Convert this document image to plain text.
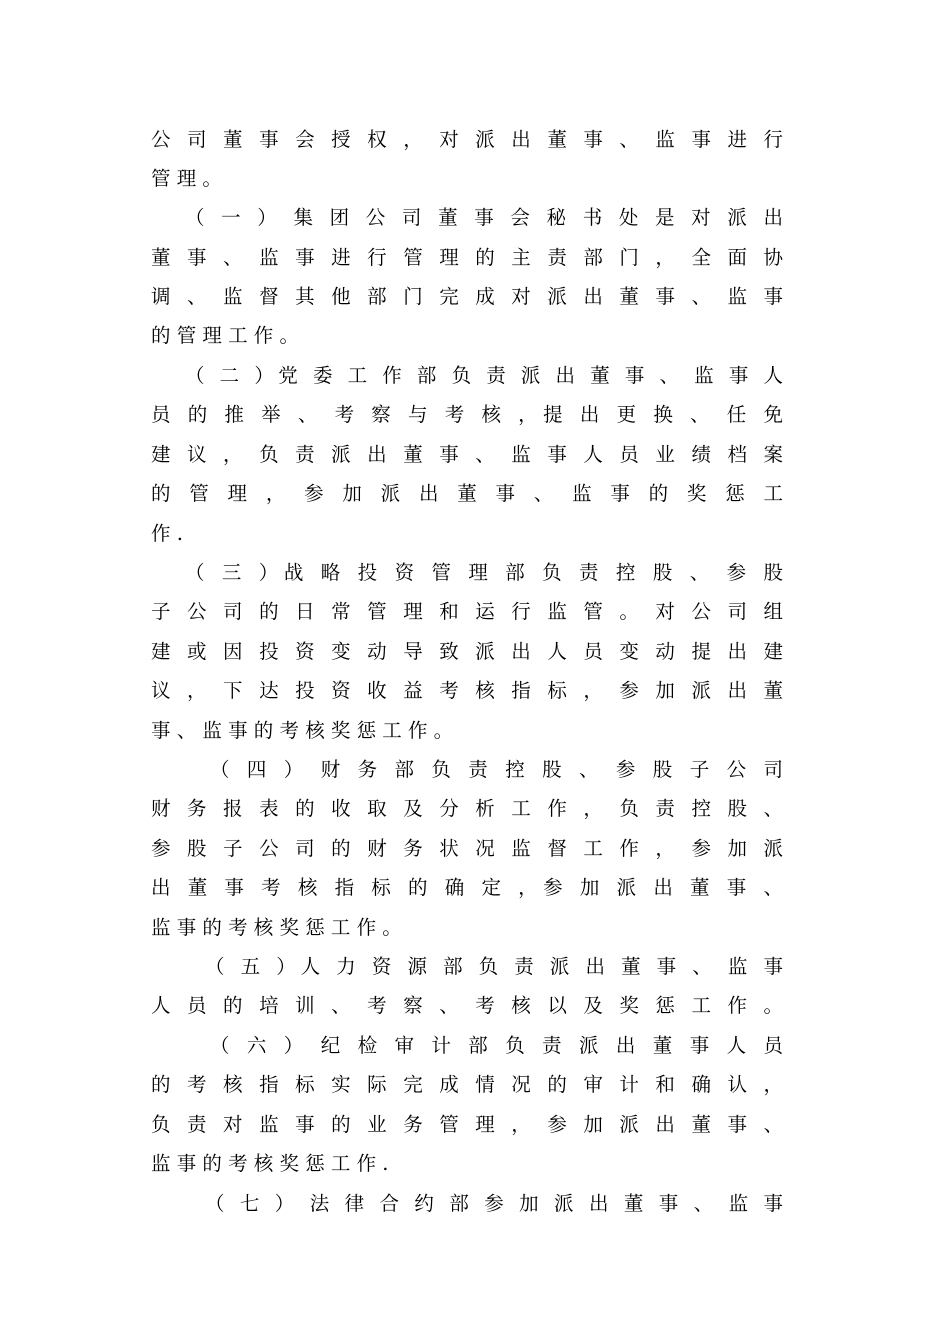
公 司 董 事 会 授 权 ， 对 派 出 董 事 、 监 事 进 行
管 理 。
（ 一 ） 集 团 公 司 董 事 会 秘 书 处 是 对 派 出
董 事 、 监 事 进 行 管 理 的 主 责 部 门 ， 全 面 协
调 、 监 督 其 他 部 门 完 成 对 派 出 董 事 、 监 事
的 管 理 工 作 。
（ 二 ）党 委 工 作 部 负 责 派 出 董 事 、 监 事 人
员 的 推 举 、 考 察 与 考 核 ，提 出 更 换 、 任 免
建 议 ， 负 责 派 出 董 事 、 监 事 人 员 业 绩 档 案
的 管 理 ， 参 加 派 出 董 事 、 监 事 的 奖 惩 工
作 .
（ 三 ）战 略 投 资 管 理 部 负 责 控 股 、 参 股
子 公 司 的 日 常 管 理 和 运 行 监 管 。 对 公 司 组
建 或 因 投 资 变 动 导 致 派 出 人 员 变 动 提 出 建
议 ， 下 达 投 资 收 益 考 核 指 标 ， 参 加 派 出 董
事 、 监 事 的 考 核 奖 惩 工 作 。
（ 四 ） 财 务 部 负 责 控 股 、 参 股 子 公 司
财 务 报 表 的 收 取 及 分 析 工 作 ， 负 责 控 股 、
参 股 子 公 司 的 财 务 状 况 监 督 工 作 ， 参 加 派
出 董 事 考 核 指 标 的 确 定 ，参 加 派 出 董 事 、
监 事 的 考 核 奖 惩 工 作 。
（ 五 ）人 力 资 源 部 负 责 派 出 董 事 、 监 事
人 员 的 培 训 、 考 察 、 考 核 以 及 奖 惩 工 作 。
（ 六 ） 纪 检 审 计 部 负 责 派 出 董 事 人 员
的 考 核 指 标 实 际 完 成 情 况 的 审 计 和 确 认 ，
负 责 对 监 事 的 业 务 管 理 ， 参 加 派 出 董 事 、
监 事 的 考 核 奖 惩 工 作 .
（ 七 ） 法 律 合 约 部 参 加 派 出 董 事 、 监 事
